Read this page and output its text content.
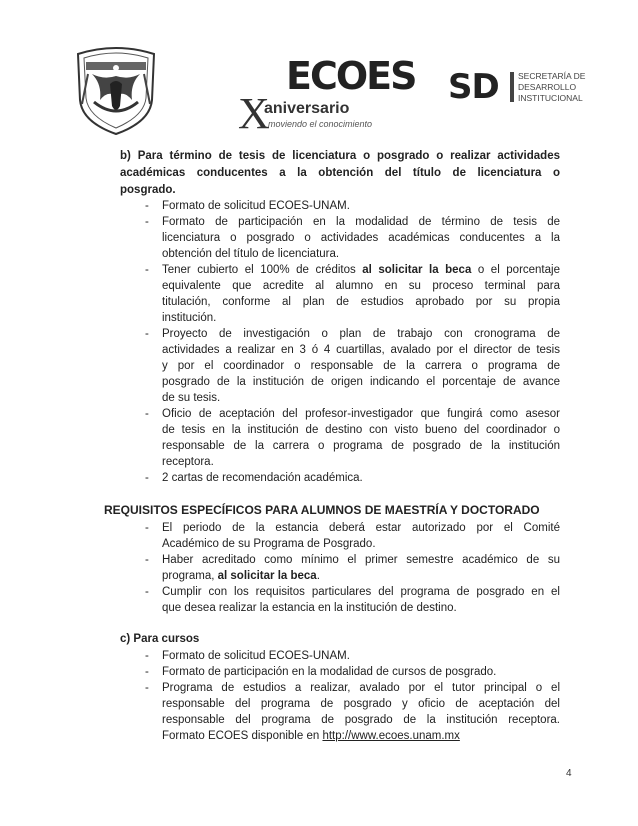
ECOES
X
aniversario
moviendo el conocimiento
SD SECRETARÍA DE
DESARROLLO
INSTITUCIONAL
b) Para término de tesis de licenciatura o posgrado o realizar actividades
académicas conducentes a la obtención del título de licenciatura o
posgrado.
- Formato de solicitud ECOES-UNAM.
- Formato de participación en la modalidad de término de tesis de
licenciatura o posgrado o actividades académicas conducentes a la
obtención del título de licenciatura.
- Tener cubierto el 100% de créditos al solicitar la beca o el porcentaje
equivalente que acredite al alumno en su proceso terminal para
titulación, conforme al plan de estudios aprobado por su propia
institución.
- Proyecto de investigación o plan de trabajo con cronograma de
actividades a realizar en 3 ó 4 cuartillas, avalado por el director de tesis
y por el coordinador o responsable de la carrera o programa de
posgrado de la institución de origen indicando el porcentaje de avance
de su tesis.
- Oficio de aceptación del profesor-investigador que fungirá como asesor
de tesis en la institución de destino con visto bueno del coordinador o
responsable de la carrera o programa de posgrado de la institución
receptora.
- 2 cartas de recomendación académica.
REQUISITOS ESPECÍFICOS PARA ALUMNOS DE MAESTRÍA Y DOCTORADO
- El periodo de la estancia deberá estar autorizado por el Comité
Académico de su Programa de Posgrado.
- Haber acreditado como mínimo el primer semestre académico de su
programa, al solicitar la beca.
- Cumplir con los requisitos particulares del programa de posgrado en el
que desea realizar la estancia en la institución de destino.
c) Para cursos
- Formato de solicitud ECOES-UNAM.
- Formato de participación en la modalidad de cursos de posgrado.
- Programa de estudios a realizar, avalado por el tutor principal o el
responsable del programa de posgrado y oficio de aceptación del
responsable del programa de posgrado de la institución receptora.
Formato ECOES disponible en http://www.ecoes.unam.mx
4
